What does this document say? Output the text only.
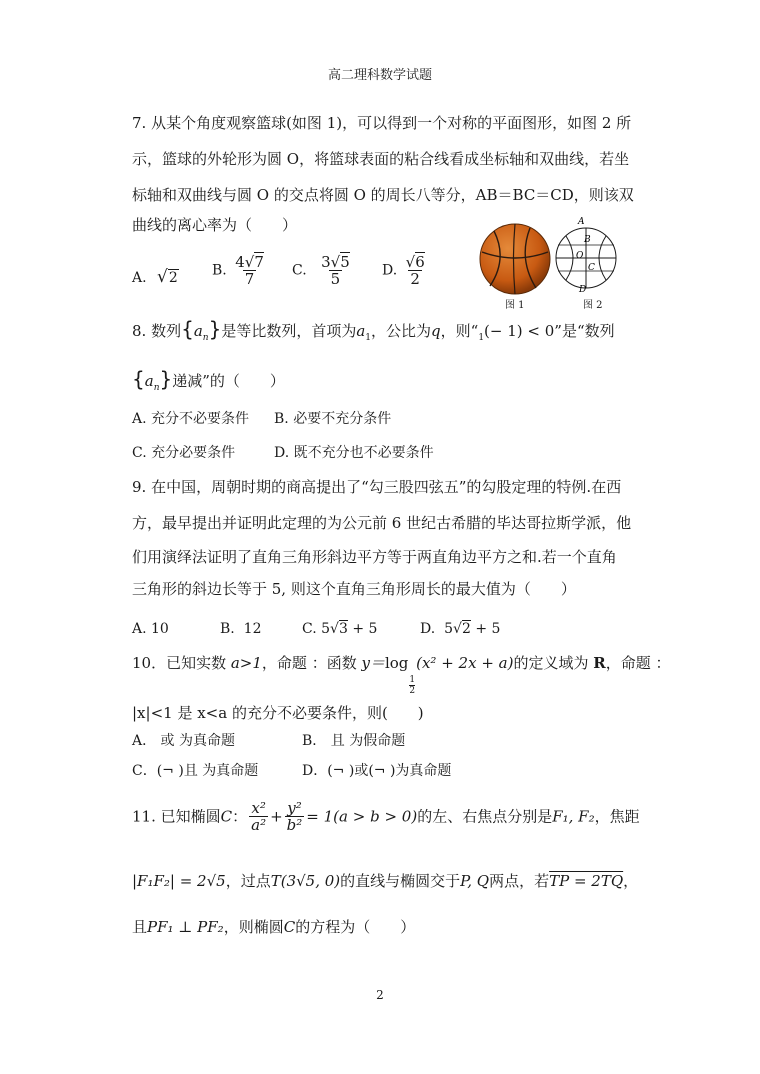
高二理科数学试题
7. 从某个角度观察篮球(如图 1)，可以得到一个对称的平面图形，如图 2 所
示，篮球的外轮形为圆 O，将篮球表面的粘合线看成坐标轴和双曲线，若坐
标轴和双曲线与圆 O 的交点将圆 O 的周长八等分，AB＝BC＝CD，则该双
曲线的离心率为（　　）
A. √2 B. $\frac{4√7}{7} C$. $\frac{3√5}{5} D$. $\frac{√6}{2}$
图 1
A
B
O
C
D
图 2
8. 数列$\{a_n\}$是等比数列，首项为$a_1$，公比为q，则“$_1(- 1) < 0$”是“数列
$\{a_n\}$递减”的（　　）
A. 充分不必要条件 B. 必要不充分条件
C. 充分必要条件	D. 既不充分也不必要条件
9. 在中国，周朝时期的商高提出了“勾三股四弦五”的勾股定理的特例.在西
方，最早提出并证明此定理的为公元前 6 世纪古希腊的毕达哥拉斯学派，他
们用演绎法证明了直角三角形斜边平方等于两直角边平方之和.若一个直角
三角形的斜边长等于 5, 则这个直角三角形周长的最大值为（　　）
A. 10	B. 12	C. 5√3 + 5	D. 5√2 + 5
10．已知实数 a>1，命题 ：函数 y＝log
$\frac{1}{2}$
(x² + 2x + a)的定义域为 R，命题 ：
|x|<1 是 x<a 的充分不必要条件，则(　　)
A． 或 为真命题	B． 且 为假命题
C．(¬ )且 为真命题	D．(¬ )或(¬ )为真命题
11. 已知椭圆C： $\frac{\text{x²}}{\text{a²}} + \frac{\text{y²}}{\text{b²}} = 1(a > b > 0)$的左、右焦点分别是F₁, F₂，焦距
|F₁F₂| = 2√5，过点T(3√5, 0)的直线与椭圆交于P, Q两点，若TP = 2TQ，
且PF₁ ⊥ PF₂，则椭圆C的方程为（　　）
2
